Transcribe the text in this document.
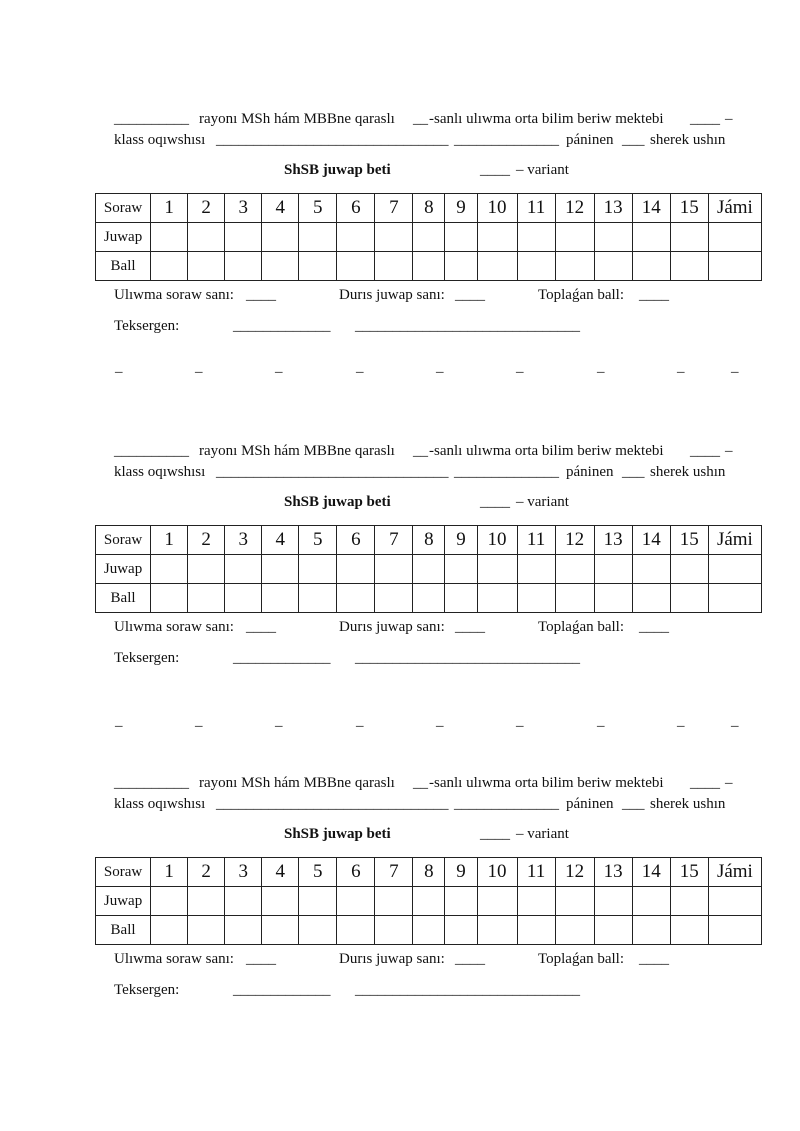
__________ rayonı MSh hám MBBne qaraslı __ -sanlı ulıwma orta bilim beriw mektebi ____ –
klass oqıwshısı _______________________________ ______________ páninen ___ sherek ushın
ShSB juwap beti	____ – variant
Soraw	1	2	3	4	5	6	7	8	9	10	11	12	13	14	15	Jámi
Juwap																
Ball																
Ulıwma soraw sanı: ____	Durıs juwap sanı: ____	Toplaǵan ball: ____
Teksergen:	_____________ ______________________________
__________ rayonı MSh hám MBBne qaraslı __ -sanlı ulıwma orta bilim beriw mektebi ____ –
klass oqıwshısı _______________________________ ______________ páninen ___ sherek ushın
ShSB juwap beti	____ – variant
Soraw	1	2	3	4	5	6	7	8	9	10	11	12	13	14	15	Jámi
Juwap																
Ball																
Ulıwma soraw sanı: ____	Durıs juwap sanı: ____	Toplaǵan ball: ____
Teksergen:	_____________ ______________________________
__________ rayonı MSh hám MBBne qaraslı __ -sanlı ulıwma orta bilim beriw mektebi ____ –
klass oqıwshısı _______________________________ ______________ páninen ___ sherek ushın
ShSB juwap beti	____ – variant
Soraw	1	2	3	4	5	6	7	8	9	10	11	12	13	14	15	Jámi
Juwap																
Ball																
Ulıwma soraw sanı: ____	Durıs juwap sanı: ____	Toplaǵan ball: ____
Teksergen:	_____________ ______________________________
–	–	–	–	–	–	–	–	–
–	–	–	–	–	–	–	–	–
